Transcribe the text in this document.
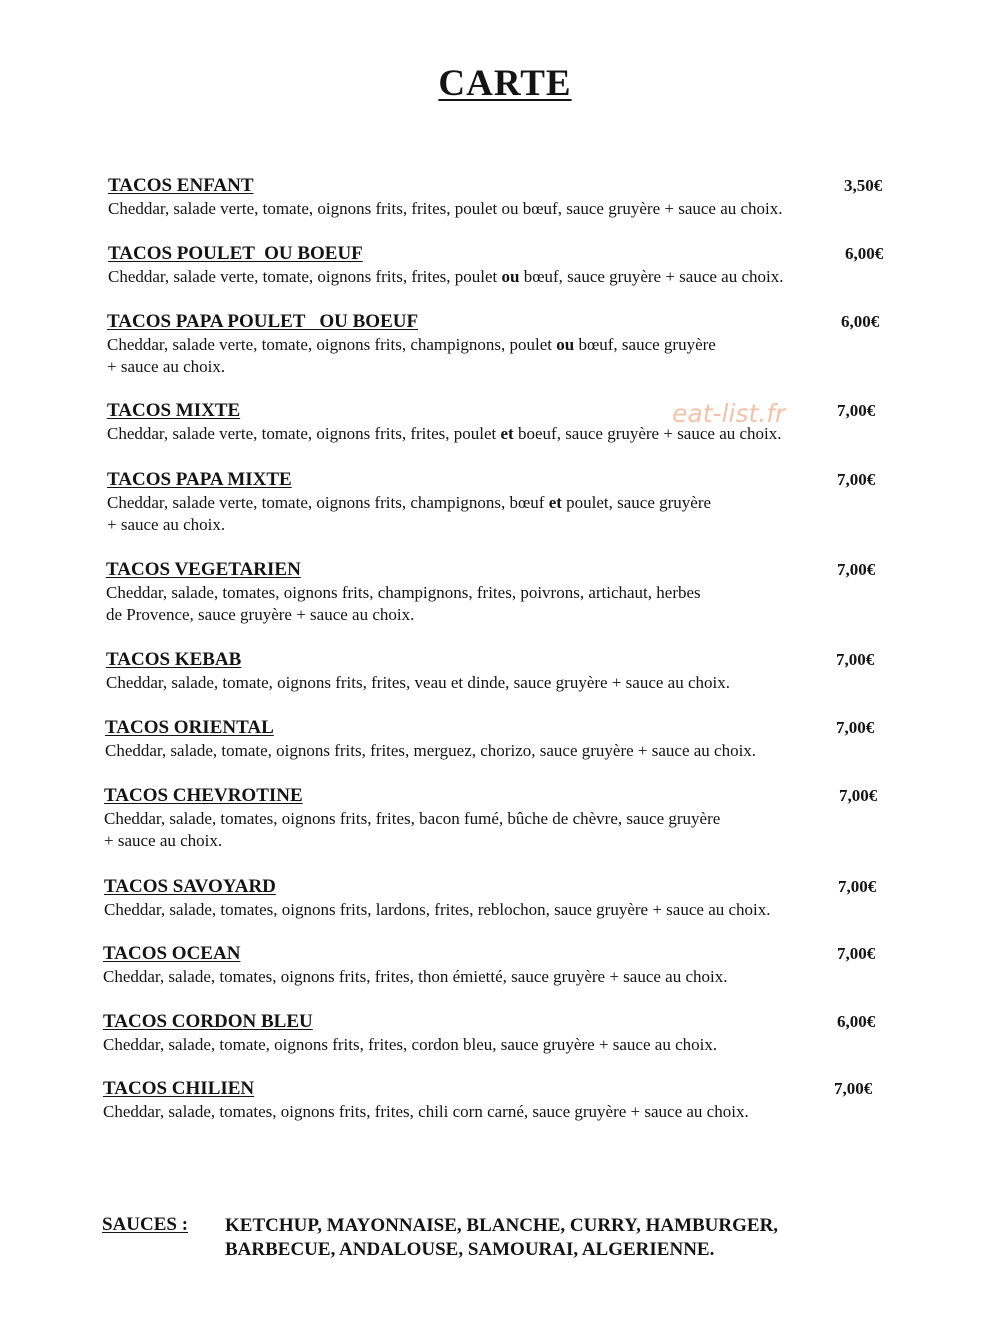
CARTE
TACOS ENFANT	3,50€
Cheddar, salade verte, tomate, oignons frits, frites, poulet ou bœuf, sauce gruyère + sauce au choix.
TACOS POULET  OU BOEUF	6,00€
Cheddar, salade verte, tomate, oignons frits, frites, poulet ou bœuf, sauce gruyère + sauce au choix.
TACOS PAPA POULET   OU BOEUF	6,00€
Cheddar, salade verte, tomate, oignons frits, champignons, poulet ou bœuf, sauce gruyère
+ sauce au choix.
TACOS MIXTE	7,00€
Cheddar, salade verte, tomate, oignons frits, frites, poulet et boeuf, sauce gruyère + sauce au choix.
TACOS PAPA MIXTE	7,00€
Cheddar, salade verte, tomate, oignons frits, champignons, bœuf et poulet, sauce gruyère
+ sauce au choix.
TACOS VEGETARIEN	7,00€
Cheddar, salade, tomates, oignons frits, champignons, frites, poivrons, artichaut, herbes
de Provence, sauce gruyère + sauce au choix.
TACOS KEBAB	7,00€
Cheddar, salade, tomate, oignons frits, frites, veau et dinde, sauce gruyère + sauce au choix.
TACOS ORIENTAL	7,00€
Cheddar, salade, tomate, oignons frits, frites, merguez, chorizo, sauce gruyère + sauce au choix.
TACOS CHEVROTINE	7,00€
Cheddar, salade, tomates, oignons frits, frites, bacon fumé, bûche de chèvre, sauce gruyère
+ sauce au choix.
TACOS SAVOYARD	7,00€
Cheddar, salade, tomates, oignons frits, lardons, frites, reblochon, sauce gruyère + sauce au choix.
TACOS OCEAN	7,00€
Cheddar, salade, tomates, oignons frits, frites, thon émietté, sauce gruyère + sauce au choix.
TACOS CORDON BLEU	6,00€
Cheddar, salade, tomate, oignons frits, frites, cordon bleu, sauce gruyère + sauce au choix.
TACOS CHILIEN	7,00€
Cheddar, salade, tomates, oignons frits, frites, chili corn carné, sauce gruyère + sauce au choix.
eat-list.fr
SAUCES : KETCHUP, MAYONNAISE, BLANCHE, CURRY, HAMBURGER,
BARBECUE, ANDALOUSE, SAMOURAI, ALGERIENNE.
